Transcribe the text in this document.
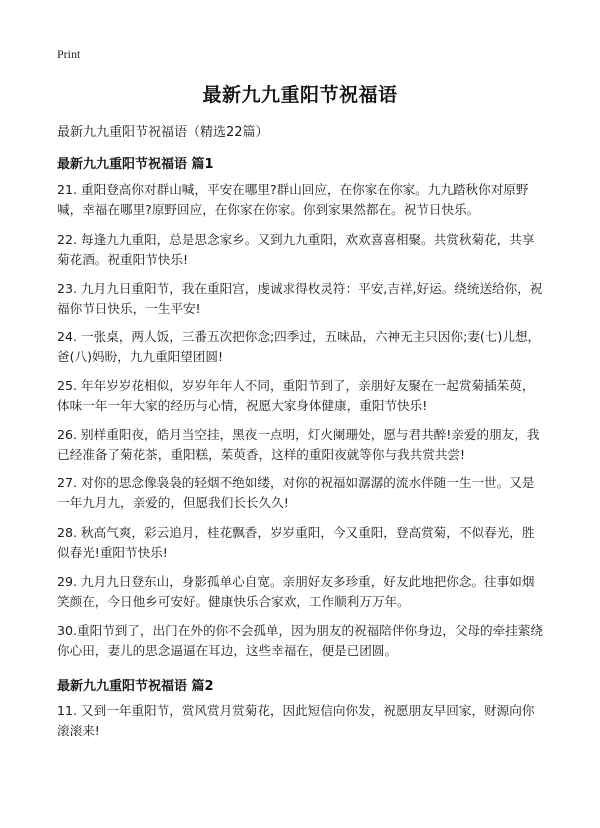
Print
最新九九重阳节祝福语
最新九九重阳节祝福语（精选22篇）
最新九九重阳节祝福语 篇1
21. 重阳登高你对群山喊，平安在哪里?群山回应，在你家在你家。九九踏秋你对原野喊，幸福在哪里?原野回应，在你家在你家。你到家果然都在。祝节日快乐。
22. 每逢九九重阳，总是思念家乡。又到九九重阳，欢欢喜喜相聚。共赏秋菊花，共享菊花酒。祝重阳节快乐!
23. 九月九日重阳节，我在重阳宫，虔诚求得枚灵符：平安,吉祥,好运。绕统送给你，祝福你节日快乐，一生平安!
24. 一张桌，两人饭，三番五次把你念;四季过，五味品，六神无主只因你;妻(七)儿想，爸(八)妈盼，九九重阳望团圆!
25. 年年岁岁花相似，岁岁年年人不同，重阳节到了，亲朋好友聚在一起赏菊插茱萸，体味一年一年大家的经历与心情，祝愿大家身体健康，重阳节快乐!
26. 别样重阳夜，皓月当空挂，黑夜一点明，灯火阑珊处，愿与君共醉!亲爱的朋友，我已经准备了菊花茶，重阳糕，茱萸香，这样的重阳夜就等你与我共赏共尝!
27. 对你的思念像袅袅的轻烟不绝如缕，对你的祝福如潺潺的流水伴随一生一世。又是一年九月九，亲爱的，但愿我们长长久久!
28. 秋高气爽，彩云追月，桂花飘香，岁岁重阳，今又重阳，登高赏菊，不似春光，胜似春光!重阳节快乐!
29. 九月九日登东山，身影孤单心自宽。亲朋好友多珍重，好友此地把你念。往事如烟笑颜在，今日他乡可安好。健康快乐合家欢，工作顺利万万年。
30.重阳节到了，出门在外的你不会孤单，因为朋友的祝福陪伴你身边，父母的牵挂萦绕你心田，妻儿的思念逼逼在耳边，这些幸福在，便是已团圆。
最新九九重阳节祝福语 篇2
11. 又到一年重阳节，赏风赏月赏菊花，因此短信向你发，祝愿朋友早回家，财源向你滚滚来!
